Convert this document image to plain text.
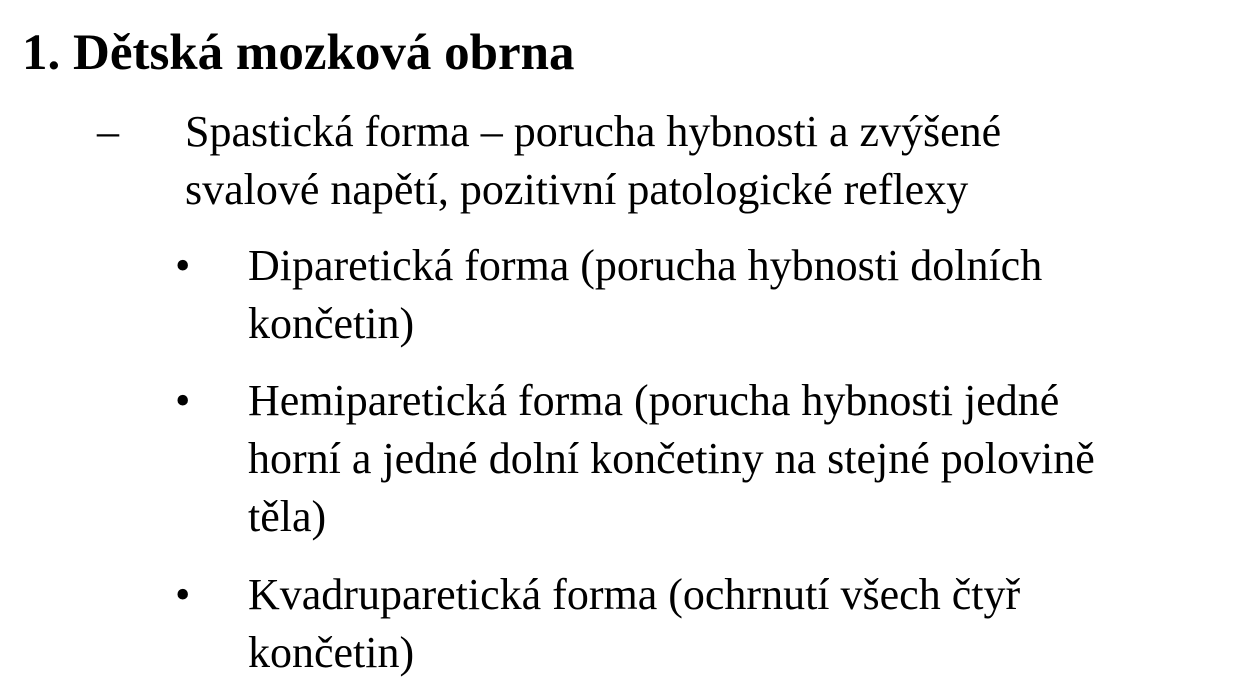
1. Dětská mozková obrna
– Spastická forma – porucha hybnosti a zvýšené

svalové napětí, pozitivní patologické reflexy

• Diparetická forma (porucha hybnosti dolních

končetin)

• Hemiparetická forma (porucha hybnosti jedné

horní a jedné dolní končetiny na stejné polovině

těla)

• Kvadruparetická forma (ochrnutí všech čtyř

končetin)
